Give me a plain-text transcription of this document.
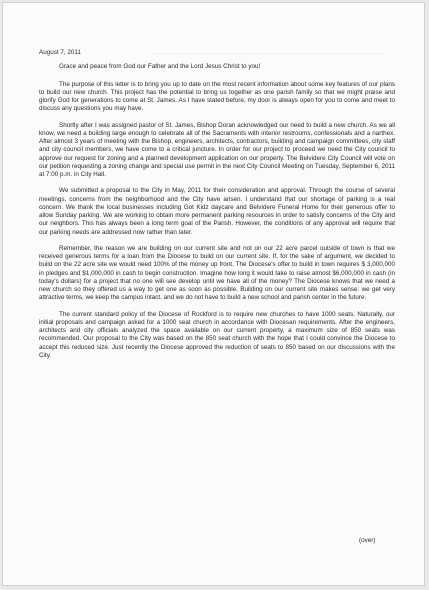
August 7, 2011
Grace and peace from God our Father and the Lord Jesus Christ to you!

The purpose of this letter is to bring you up to date on the most recent information about some key features of our plans to build our new church. This project has the potential to bring us together as one parish family so that we might praise and glorify God for generations to come at St. James. As I have stated before, my door is always open for you to come and meet to discuss any questions you may have.

Shortly after I was assigned pastor of St. James, Bishop Doran acknowledged our need to build a new church. As we all know, we need a building large enough to celebrate all of the Sacraments with interior restrooms, confessionals and a narthex. After almost 3 years of meeting with the Bishop, engineers, architects, contractors, building and campaign committees, city staff and city council members, we have come to a critical juncture. In order for our project to proceed we need the City council to approve our request for zoning and a planned development application on our property. The Belvidere City Council will vote on our petition requesting a zoning change and special use permit in the next City Council Meeting on Tuesday, September 6, 2011 at 7:00 p.m. in City Hall.

We submitted a proposal to the City in May, 2011 for their consideration and approval. Through the course of several meetings, concerns from the neighborhood and the City have arisen. I understand that our shortage of parking is a real concern. We thank the local businesses including Got Kidz daycare and Belvidere Funeral Home for their generous offer to allow Sunday parking. We are working to obtain more permanent parking resources in order to satisfy concerns of the City and our neighbors. This has always been a long term goal of the Parish. However, the conditions of any approval will require that our parking needs are addressed now rather than later.

Remember, the reason we are building on our current site and not on our 22 acre parcel outside of town is that we received generous terms for a loan from the Diocese to build on our current site. If, for the sake of argument, we decided to build on the 22 acre site we would need 100% of the money up front. The Diocese's offer to build in town requires $ 3,000,000 in pledges and $1,000,000 in cash to begin construction. Imagine how long it would take to raise almost $6,000,000 in cash (in today's dollars) for a project that no one will see develop until we have all of the money? The Diocese knows that we need a new church so they offered us a way to get one as soon as possible. Building on our current site makes sense: we get very attractive terms, we keep the campus intact, and we do not have to build a new school and parish center in the future.

The current standard policy of the Diocese of Rockford is to require new churches to have 1000 seats. Naturally, our initial proposals and campaign asked for a 1000 seat church in accordance with Diocesan requirements. After the engineers, architects and city officials analyzed the space available on our current property, a maximum size of 850 seats was recommended. Our proposal to the City was based on the 850 seat church with the hope that I could convince the Diocese to accept this reduced size. Just recently the Diocese approved the reduction of seats to 850 based on our discussions with the City.

(over)
